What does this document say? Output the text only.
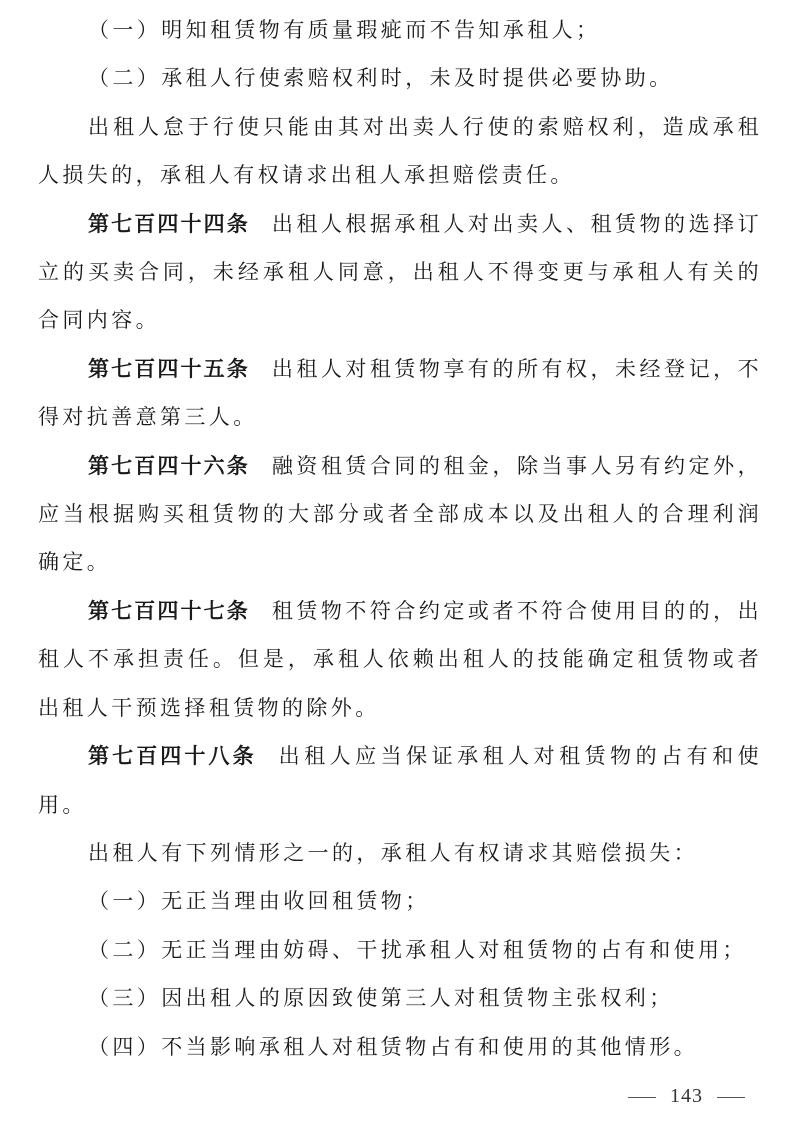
（一）明知租赁物有质量瑕疵而不告知承租人；

（二）承租人行使索赔权利时，未及时提供必要协助。

出租人怠于行使只能由其对出卖人行使的索赔权利，造成承租人损失的，承租人有权请求出租人承担赔偿责任。

第七百四十四条 出租人根据承租人对出卖人、租赁物的选择订立的买卖合同，未经承租人同意，出租人不得变更与承租人有关的合同内容。

第七百四十五条 出租人对租赁物享有的所有权，未经登记，不得对抗善意第三人。

第七百四十六条 融资租赁合同的租金，除当事人另有约定外，应当根据购买租赁物的大部分或者全部成本以及出租人的合理利润确定。

第七百四十七条 租赁物不符合约定或者不符合使用目的的，出租人不承担责任。但是，承租人依赖出租人的技能确定租赁物或者出租人干预选择租赁物的除外。

第七百四十八条 出租人应当保证承租人对租赁物的占有和使用。

出租人有下列情形之一的，承租人有权请求其赔偿损失：

（一）无正当理由收回租赁物；

（二）无正当理由妨碍、干扰承租人对租赁物的占有和使用；

（三）因出租人的原因致使第三人对租赁物主张权利；

（四）不当影响承租人对租赁物占有和使用的其他情形。

143
